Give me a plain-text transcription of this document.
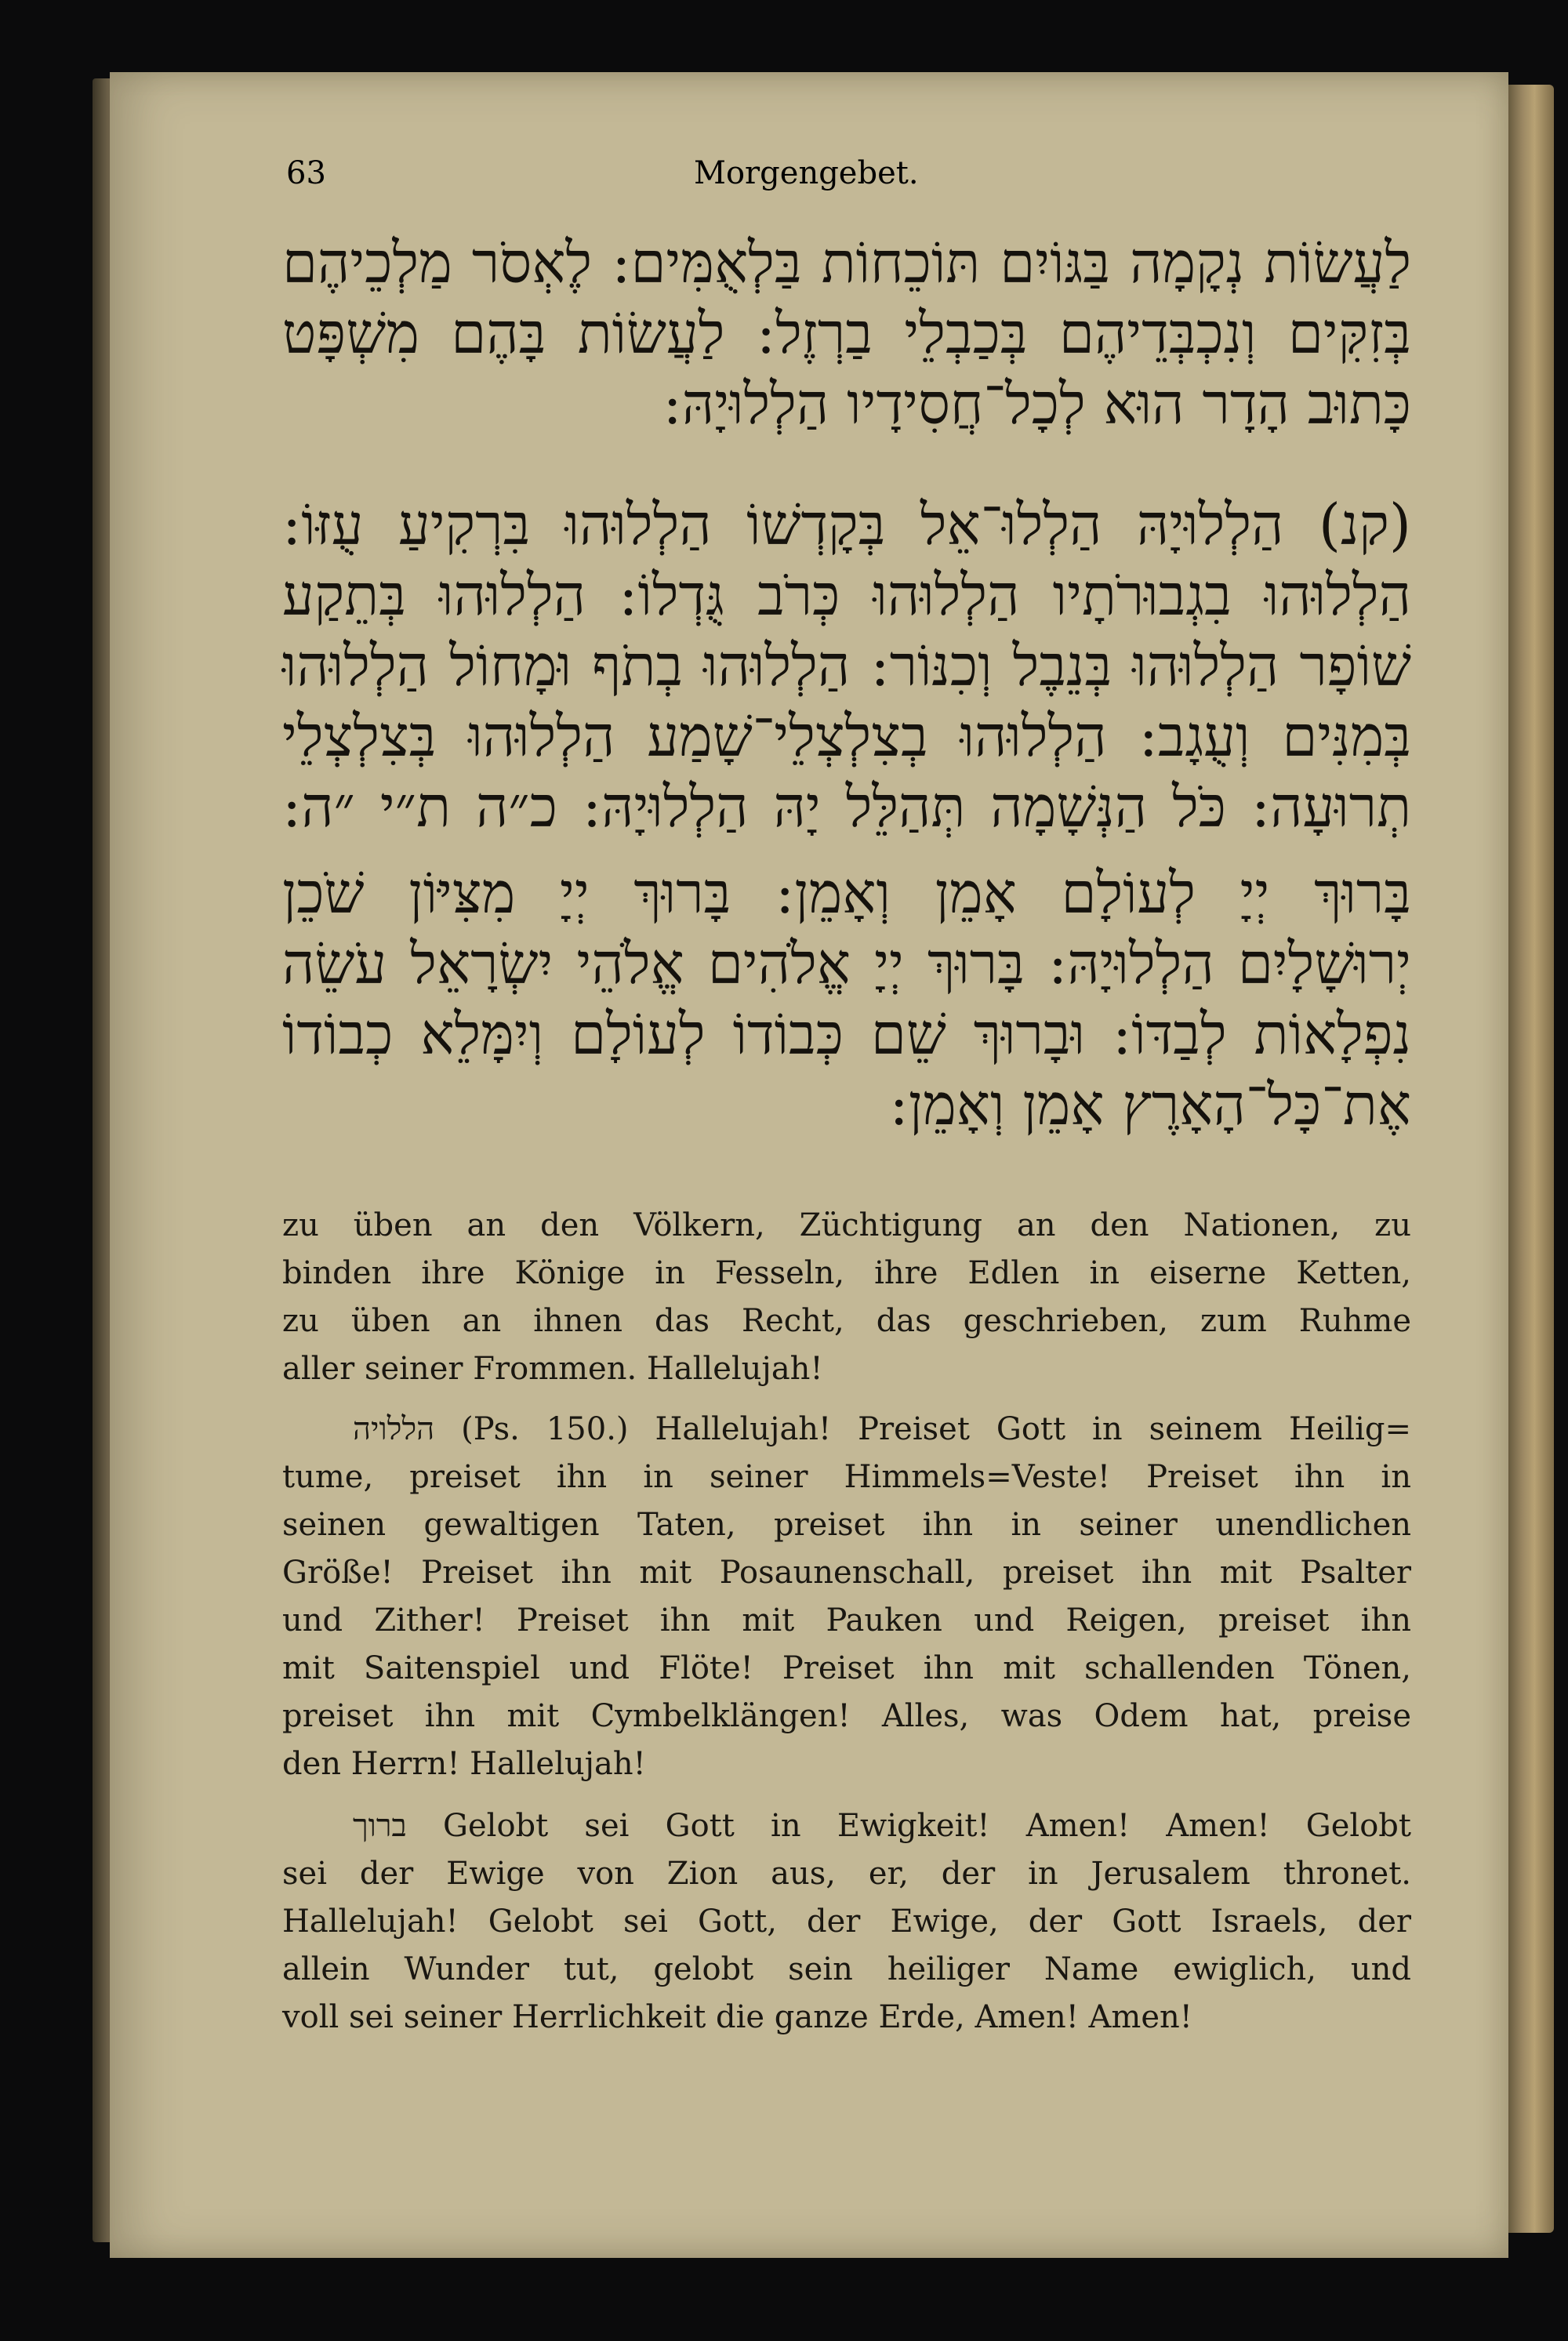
63	Morgengebet.
לַעֲשׂוֹת נְקָמָה בַּגּוֹיִם תּוֹכֵחוֹת בַּלְאֻמִּים: לֶאְסֹר מַלְכֵיהֶם
בְּזִקִּים וְנִכְבְּדֵיהֶם בְּכַבְלֵי בַרְזֶל: לַעֲשׂוֹת בָּהֶם מִשְׁפָּט
כָּתוּב הָדָר הוּא לְכָל־חֲסִידָיו הַלְלוּיָהּ:
(קנ) הַלְלוּיָהּ הַלְלוּ־אֵל בְּקָדְשׁוֹ הַלְלוּהוּ בִּרְקִיעַ עֻזּוֹ:
הַלְלוּהוּ בִגְבוּרֹתָיו הַלְלוּהוּ כְּרֹב גֻּדְלוֹ: הַלְלוּהוּ בְּתֵקַע
שׁוֹפָר הַלְלוּהוּ בְּנֵבֶל וְכִנּוֹר: הַלְלוּהוּ בְתֹף וּמָחוֹל הַלְלוּהוּ
בְּמִנִּים וְעֻגָב: הַלְלוּהוּ בְצִלְצְלֵי־שָׁמַע הַלְלוּהוּ בְּצִלְצְלֵי
תְרוּעָה: כֹּל הַנְּשָׁמָה תְּהַלֵּל יָהּ הַלְלוּיָהּ: כ״ה ת״י ״ה:
בָּרוּךְ יְיָ לְעוֹלָם אָמֵן וְאָמֵן: בָּרוּךְ יְיָ מִצִּיּוֹן שֹׁכֵן
יְרוּשָׁלָיִם הַלְלוּיָהּ: בָּרוּךְ יְיָ אֱלֹהִים אֱלֹהֵי יִשְׂרָאֵל עֹשֵׂה
נִפְלָאוֹת לְבַדּוֹ: וּבָרוּךְ שֵׁם כְּבוֹדוֹ לְעוֹלָם וְיִמָּלֵא כְבוֹדוֹ
אֶת־כָּל־הָאָרֶץ אָמֵן וְאָמֵן:
zu üben an den Völkern, Züchtigung an den Nationen, zu
binden ihre Könige in Fesseln, ihre Edlen in eiserne Ketten,
zu üben an ihnen das Recht, das geschrieben, zum Ruhme
aller seiner Frommen. Hallelujah!
הללויה (Ps. 150.) Hallelujah! Preiset Gott in seinem Heilig=
tume, preiset ihn in seiner Himmels=Veste! Preiset ihn in
seinen gewaltigen Taten, preiset ihn in seiner unendlichen
Größe! Preiset ihn mit Posaunenschall, preiset ihn mit Psalter
und Zither! Preiset ihn mit Pauken und Reigen, preiset ihn
mit Saitenspiel und Flöte! Preiset ihn mit schallenden Tönen,
preiset ihn mit Cymbelklängen! Alles, was Odem hat, preise
den Herrn! Hallelujah!
ברוך Gelobt sei Gott in Ewigkeit! Amen! Amen! Gelobt
sei der Ewige von Zion aus, er, der in Jerusalem thronet.
Hallelujah! Gelobt sei Gott, der Ewige, der Gott Israels, der
allein Wunder tut, gelobt sein heiliger Name ewiglich, und
voll sei seiner Herrlichkeit die ganze Erde, Amen! Amen!
